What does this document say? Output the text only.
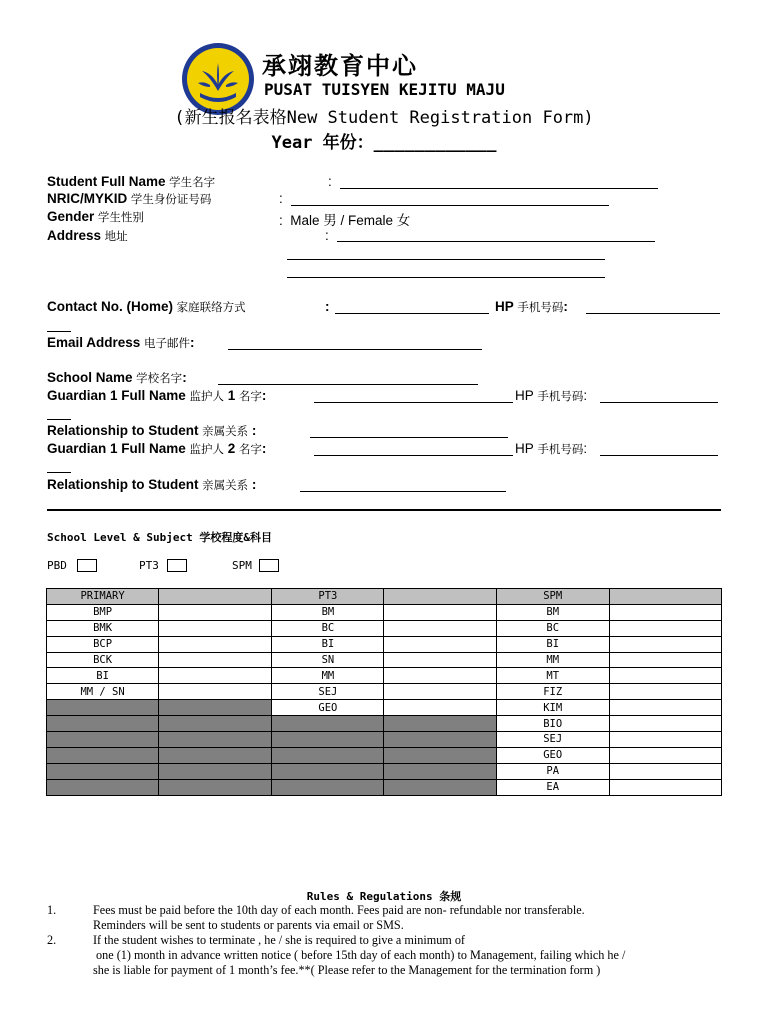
承翊教育中心
PUSAT TUISYEN KEJITU MAJU
(新生报名表格New Student Registration Form)
Year 年份：____________
Student Full Name 学生名字	:
NRIC/MYKID 学生身份证号码	:
Gender 学生性别	: Male 男 / Female 女
Address 地址	:
Contact No. (Home) 家庭联络方式	:	HP 手机号码:
Email Address 电子邮件:
School Name 学校名字:
Guardian 1 Full Name 监护人 1 名字:	HP 手机号码:
Relationship to Student 亲属关系 :
Guardian 1 Full Name 监护人 2 名字:	HP 手机号码:
Relationship to Student 亲属关系 :
School Level & Subject 学校程度&科目
PBD	PT3	SPM
PRIMARY		PT3		SPM	
BMP		BM		BM	
BMK		BC		BC	
BCP		BI		BI	
BCK		SN		MM	
BI		MM		MT	
MM / SN		SEJ		FIZ	
		GEO		KIM	
				BIO	
				SEJ	
				GEO	
				PA	
				EA	
Rules & Regulations 条规
1.	Fees must be paid before the 10th day of each month. Fees paid are non- refundable nor transferable.
Reminders will be sent to students or parents via email or SMS.
2.	If the student wishes to terminate , he / she is required to give a minimum of
one (1) month in advance written notice ( before 15th day of each month) to Management, failing which he /
she is liable for payment of 1 month’s fee.**( Please refer to the Management for the termination form )
